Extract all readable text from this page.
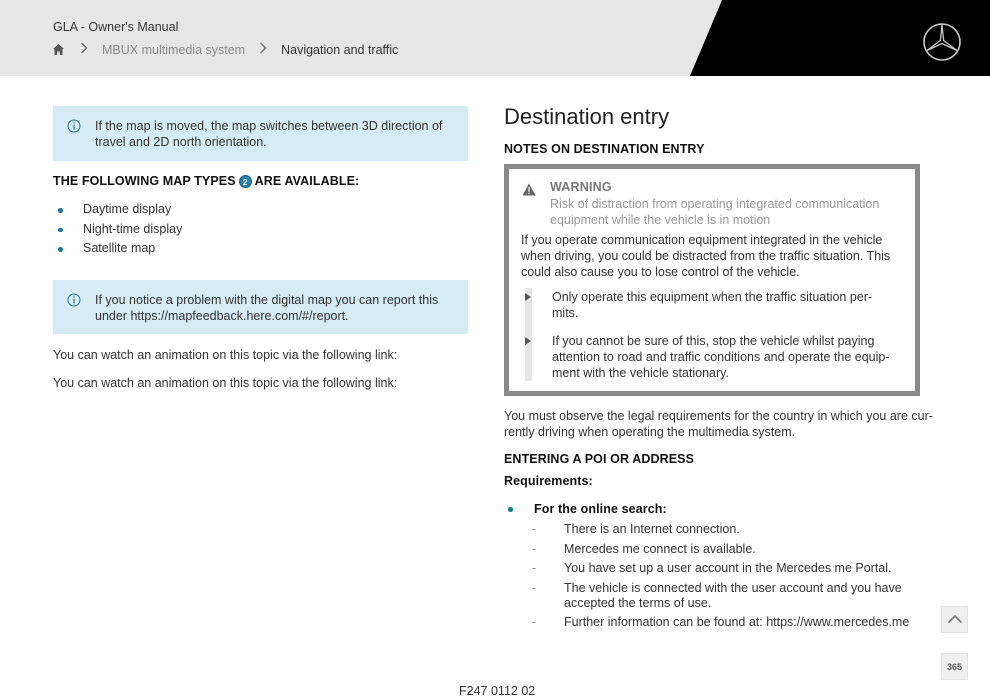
GLA - Owner's Manual
MBUX multimedia system	Navigation and traffic
If the map is moved, the map switches between 3D direction of travel and 2D north orientation.
THE FOLLOWING MAP TYPES 2 ARE AVAILABLE:
Daytime display
Night-time display
Satellite map
If you notice a problem with the digital map you can report this
under https://mapfeedback.here.com/#/report.
You can watch an animation on this topic via the following link:
You can watch an animation on this topic via the following link:
Destination entry
NOTES ON DESTINATION ENTRY
WARNING
Risk of distraction from operating integrated communication
equipment while the vehicle is in motion
If you operate communication equipment integrated in the vehicle
when driving, you could be distracted from the traffic situation. This
could also cause you to lose control of the vehicle.
Only operate this equipment when the traffic situation per-
mits.
If you cannot be sure of this, stop the vehicle whilst paying
attention to road and traffic conditions and operate the equip-
ment with the vehicle stationary.
You must observe the legal requirements for the country in which you are cur-
rently driving when operating the multimedia system.
ENTERING A POI OR ADDRESS
Requirements:
For the online search:
- There is an Internet connection.
- Mercedes me connect is available.
- You have set up a user account in the Mercedes me Portal.
- The vehicle is connected with the user account and you have
accepted the terms of use.
- Further information can be found at: https://www.mercedes.me
365
F247 0112 02
